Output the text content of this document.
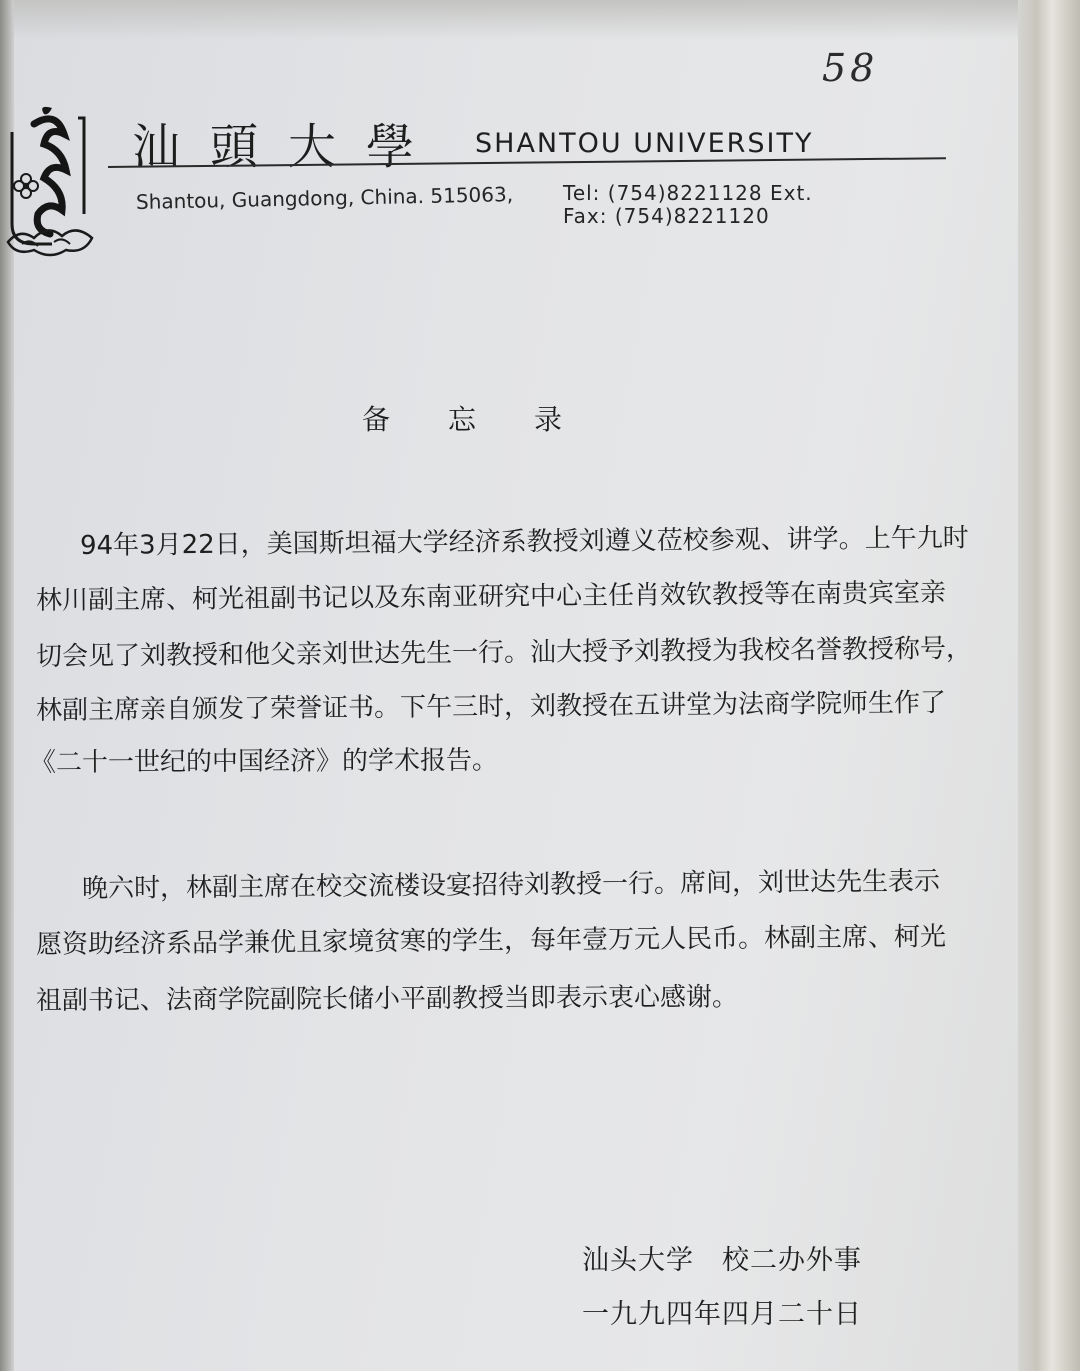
58
汕頭大學 SHANTOU UNIVERSITY
Shantou, Guangdong, China. 515063, Tel: (754)8221128 Ext.
Fax: (754)8221120
备忘录
94年3月22日，美国斯坦福大学经济系教授刘遵义莅校参观、讲学。上午九时
林川副主席、柯光祖副书记以及东南亚研究中心主任肖效钦教授等在南贵宾室亲
切会见了刘教授和他父亲刘世达先生一行。汕大授予刘教授为我校名誉教授称号，
林副主席亲自颁发了荣誉证书。下午三时，刘教授在五讲堂为法商学院师生作了
《二十一世纪的中国经济》的学术报告。
晚六时，林副主席在校交流楼设宴招待刘教授一行。席间，刘世达先生表示
愿资助经济系品学兼优且家境贫寒的学生，每年壹万元人民币。林副主席、柯光
祖副书记、法商学院副院长储小平副教授当即表示衷心感谢。
汕头大学　校二办外事
一九九四年四月二十日
